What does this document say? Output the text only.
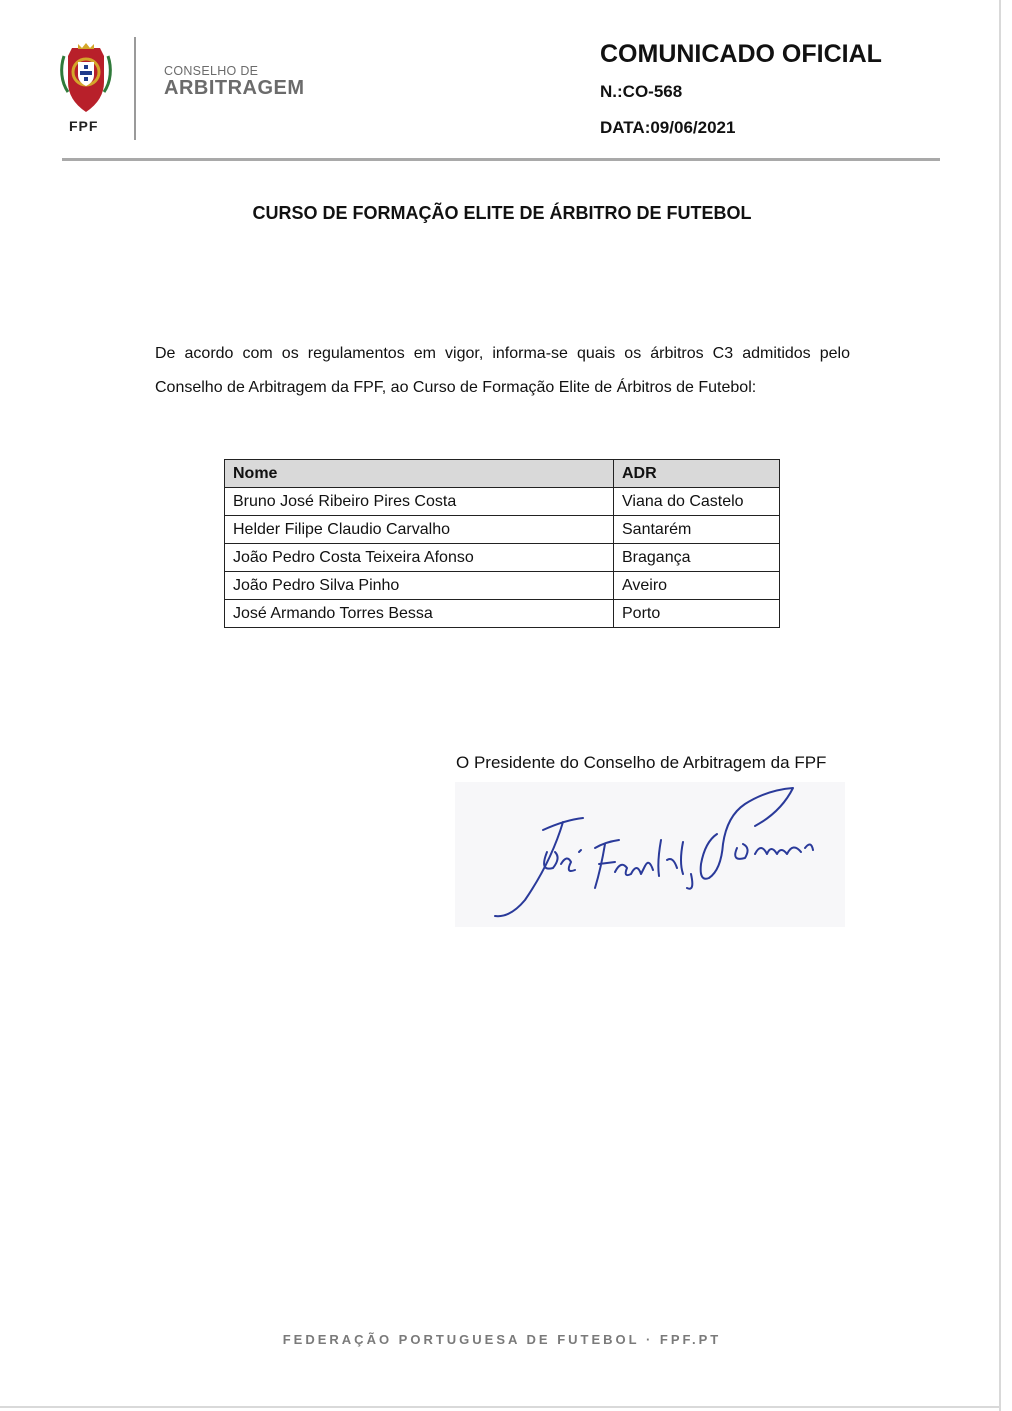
FPF
CONSELHO DE
ARBITRAGEM
COMUNICADO OFICIAL
N.:CO-568
DATA:09/06/2021
CURSO DE FORMAÇÃO ELITE DE ÁRBITRO DE FUTEBOL

De acordo com os regulamentos em vigor, informa-se quais os árbitros C3 admitidos pelo Conselho de Arbitragem da FPF, ao Curso de Formação Elite de Árbitros de Futebol:

Nome	ADR
Bruno José Ribeiro Pires Costa	Viana do Castelo
Helder Filipe Claudio Carvalho	Santarém
João Pedro Costa Teixeira Afonso	Bragança
João Pedro Silva Pinho	Aveiro
José Armando Torres Bessa	Porto
O Presidente do Conselho de Arbitragem da FPF
FEDERAÇÃO PORTUGUESA DE FUTEBOL · FPF.PT
